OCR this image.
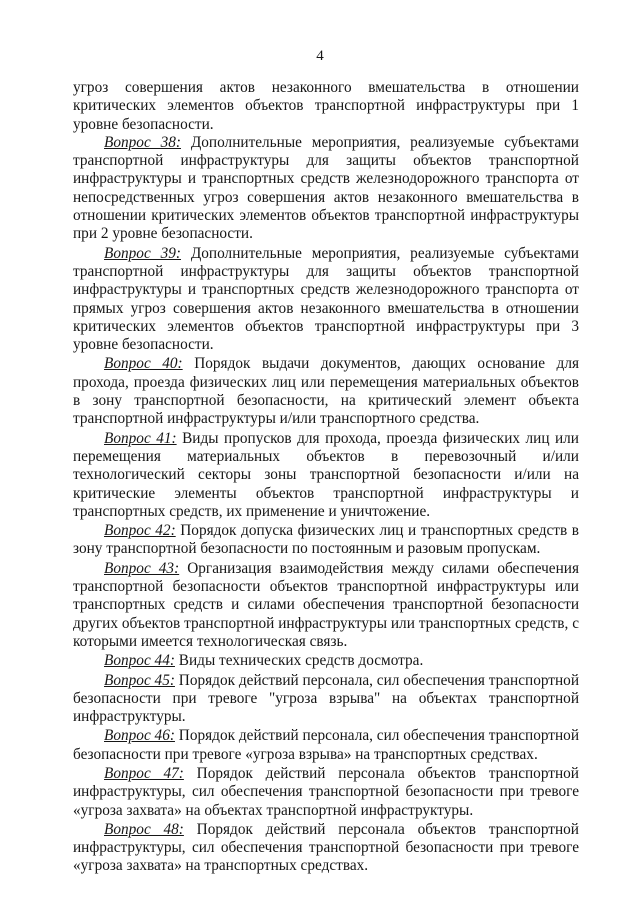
4

угроз совершения актов незаконного вмешательства в отношении критических элементов объектов транспортной инфраструктуры при 1 уровне безопасности.

Вопрос 38: Дополнительные мероприятия, реализуемые субъектами транспортной инфраструктуры для защиты объектов транспортной инфраструктуры и транспортных средств железнодорожного транспорта от непосредственных угроз совершения актов незаконного вмешательства в отношении критических элементов объектов транспортной инфраструктуры при 2 уровне безопасности.

Вопрос 39: Дополнительные мероприятия, реализуемые субъектами транспортной инфраструктуры для защиты объектов транспортной инфраструктуры и транспортных средств железнодорожного транспорта от прямых угроз совершения актов незаконного вмешательства в отношении критических элементов объектов транспортной инфраструктуры при 3 уровне безопасности.

Вопрос 40: Порядок выдачи документов, дающих основание для прохода, проезда физических лиц или перемещения материальных объектов в зону транспортной безопасности, на критический элемент объекта транспортной инфраструктуры и/или транспортного средства.

Вопрос 41: Виды пропусков для прохода, проезда физических лиц или перемещения материальных объектов в перевозочный и/или технологический секторы зоны транспортной безопасности и/или на критические элементы объектов транспортной инфраструктуры и транспортных средств, их применение и уничтожение.

Вопрос 42: Порядок допуска физических лиц и транспортных средств в зону транспортной безопасности по постоянным и разовым пропускам.

Вопрос 43: Организация взаимодействия между силами обеспечения транспортной безопасности объектов транспортной инфраструктуры или транспортных средств и силами обеспечения транспортной безопасности других объектов транспортной инфраструктуры или транспортных средств, с которыми имеется технологическая связь.

Вопрос 44: Виды технических средств досмотра.

Вопрос 45: Порядок действий персонала, сил обеспечения транспортной безопасности при тревоге "угроза взрыва" на объектах транспортной инфраструктуры.

Вопрос 46: Порядок действий персонала, сил обеспечения транспортной безопасности при тревоге «угроза взрыва» на транспортных средствах.

Вопрос 47: Порядок действий персонала объектов транспортной инфраструктуры, сил обеспечения транспортной безопасности при тревоге «угроза захвата» на объектах транспортной инфраструктуры.

Вопрос 48: Порядок действий персонала объектов транспортной инфраструктуры, сил обеспечения транспортной безопасности при тревоге «угроза захвата» на транспортных средствах.
